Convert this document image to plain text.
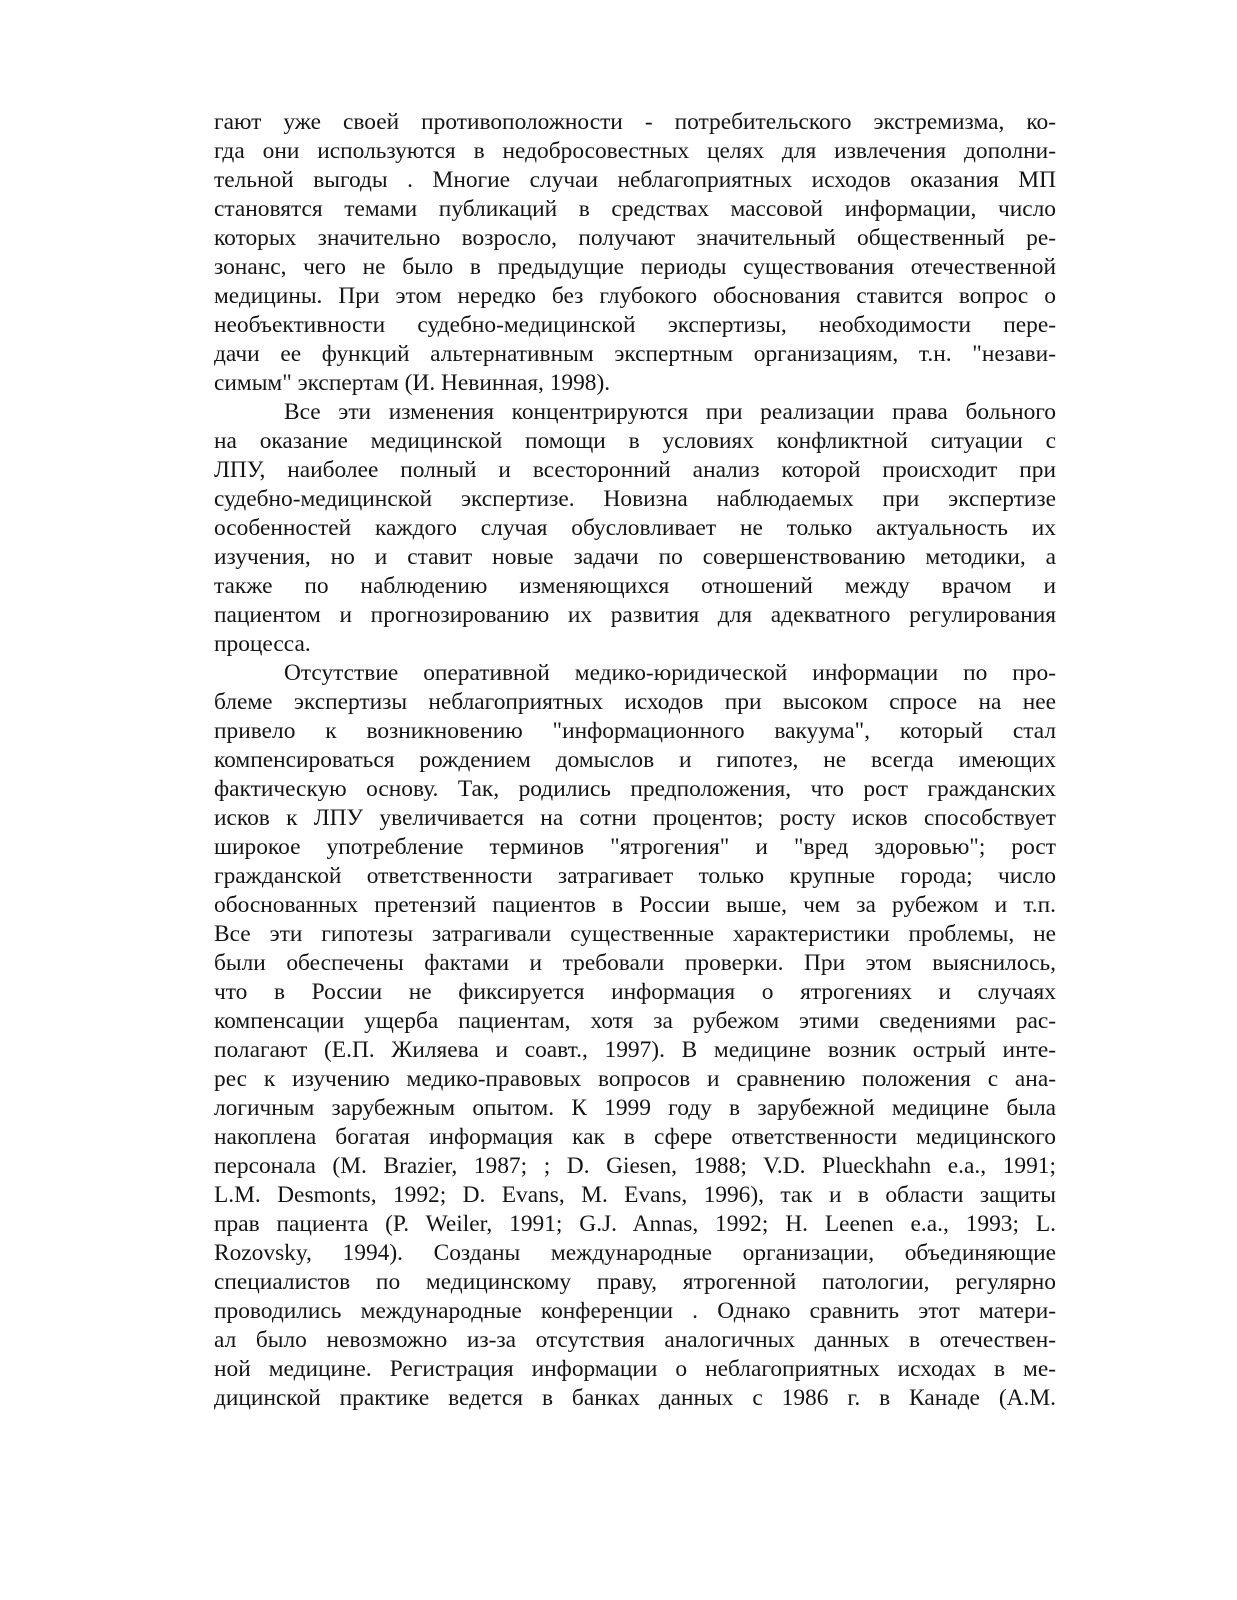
гают уже своей противоположности - потребительского экстремизма, ко-
гда они используются в недобросовестных целях для извлечения дополни-
тельной выгоды . Многие случаи неблагоприятных исходов оказания МП
становятся темами публикаций в средствах массовой информации, число
которых значительно возросло, получают значительный общественный ре-
зонанс, чего не было в предыдущие периоды существования отечественной
медицины. При этом нередко без глубокого обоснования ставится вопрос о
необъективности судебно-медицинской экспертизы, необходимости пере-
дачи ее функций альтернативным экспертным организациям, т.н. "незави-
симым" экспертам (И. Невинная, 1998).
Все эти изменения концентрируются при реализации права больного
на оказание медицинской помощи в условиях конфликтной ситуации с
ЛПУ, наиболее полный и всесторонний анализ которой происходит при
судебно-медицинской экспертизе. Новизна наблюдаемых при экспертизе
особенностей каждого случая обусловливает не только актуальность их
изучения, но и ставит новые задачи по совершенствованию методики, а
также по наблюдению изменяющихся отношений между врачом и
пациентом и прогнозированию их развития для адекватного регулирования
процесса.
Отсутствие оперативной медико-юридической информации по про-
блеме экспертизы неблагоприятных исходов при высоком спросе на нее
привело к возникновению "информационного вакуума", который стал
компенсироваться рождением домыслов и гипотез, не всегда имеющих
фактическую основу. Так, родились предположения, что рост гражданских
исков к ЛПУ увеличивается на сотни процентов; росту исков способствует
широкое употребление терминов "ятрогения" и "вред здоровью"; рост
гражданской ответственности затрагивает только крупные города; число
обоснованных претензий пациентов в России выше, чем за рубежом и т.п.
Все эти гипотезы затрагивали существенные характеристики проблемы, не
были обеспечены фактами и требовали проверки. При этом выяснилось,
что в России не фиксируется информация о ятрогениях и случаях
компенсации ущерба пациентам, хотя за рубежом этими сведениями рас-
полагают (Е.П. Жиляева и соавт., 1997). В медицине возник острый инте-
рес к изучению медико-правовых вопросов и сравнению положения с ана-
логичным зарубежным опытом. К 1999 году в зарубежной медицине была
накоплена богатая информация как в сфере ответственности медицинского
персонала (M. Brazier, 1987; ; D. Giesen, 1988; V.D. Plueckhahn e.a., 1991;
L.M. Desmonts, 1992; D. Evans, M. Evans, 1996), так и в области защиты
прав пациента (P. Weiler, 1991; G.J. Annas, 1992; H. Leenen e.a., 1993; L.
Rozovsky, 1994). Созданы международные организации, объединяющие
специалистов по медицинскому праву, ятрогенной патологии, регулярно
проводились международные конференции . Однако сравнить этот матери-
ал было невозможно из-за отсутствия аналогичных данных в отечествен-
ной медицине. Регистрация информации о неблагоприятных исходах в ме-
дицинской практике ведется в банках данных с 1986 г. в Канаде (A.M.
